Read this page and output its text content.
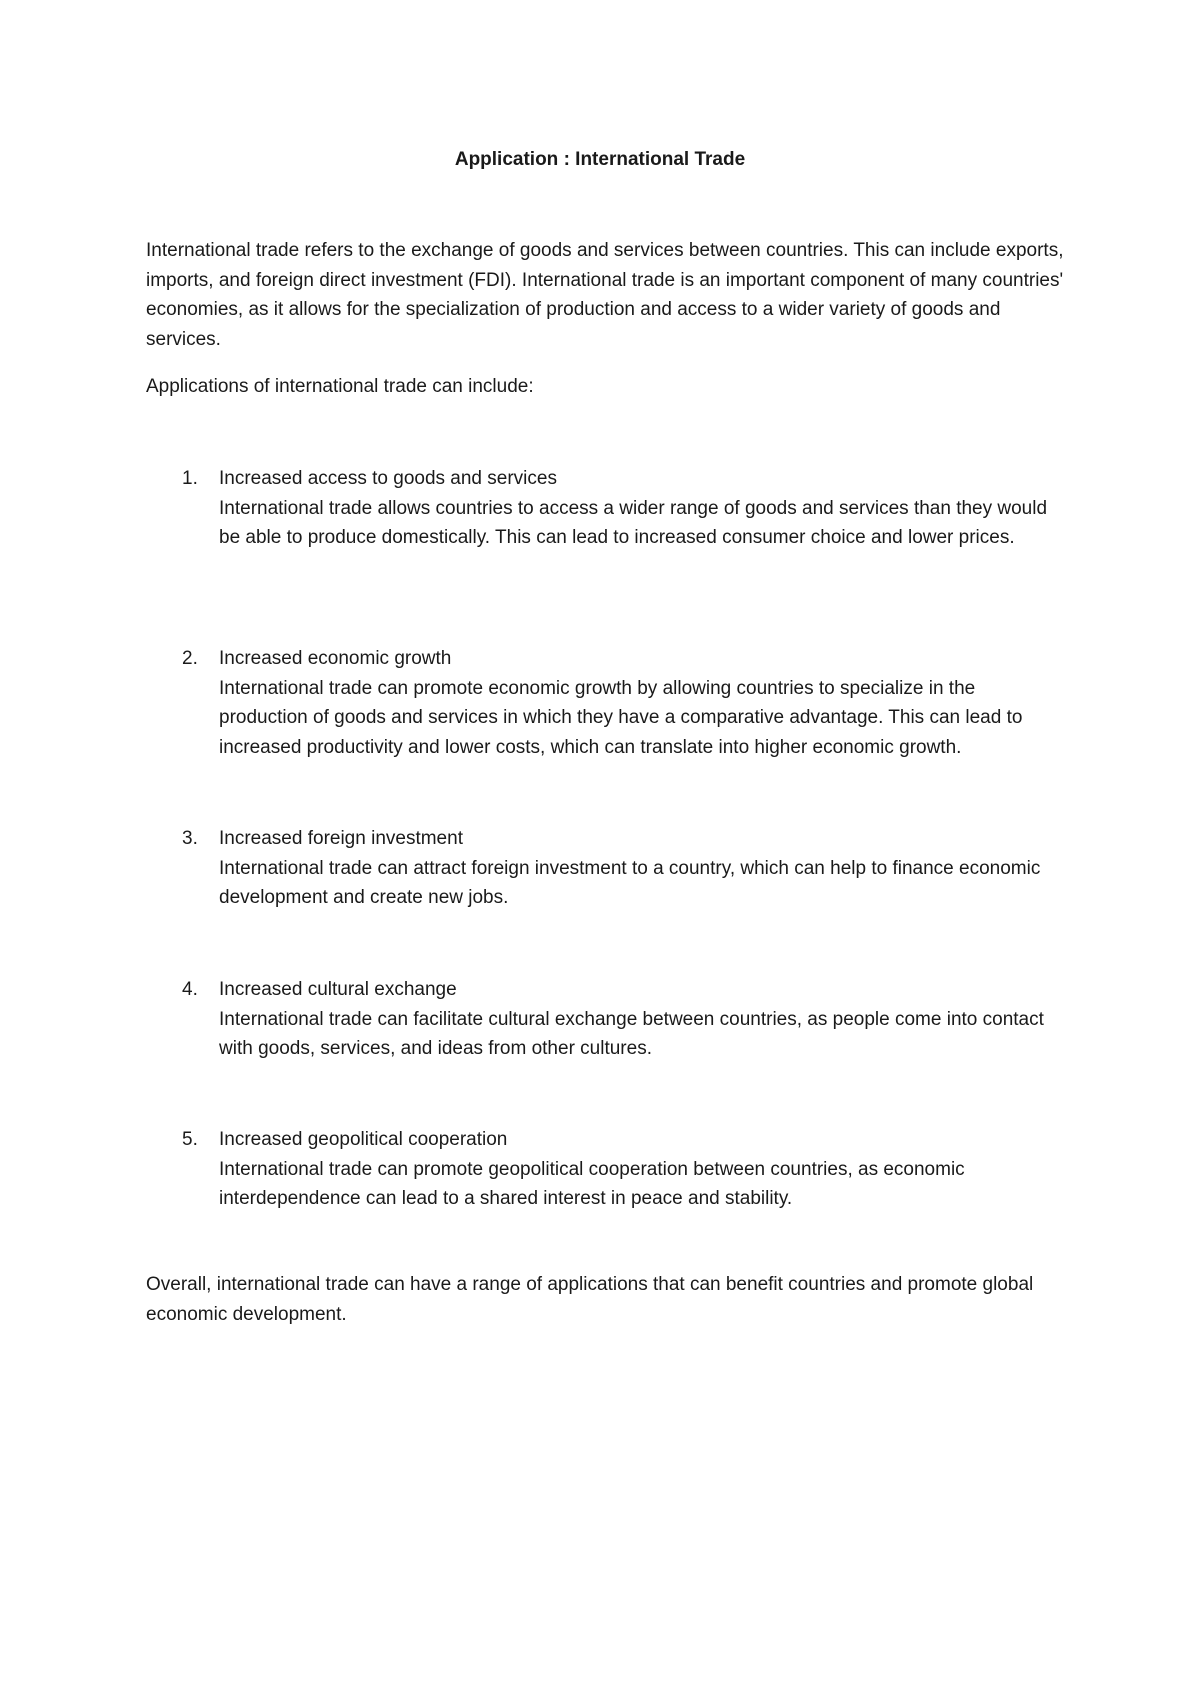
Application : International Trade

International trade refers to the exchange of goods and services between countries. This can include exports, imports, and foreign direct investment (FDI). International trade is an important component of many countries' economies, as it allows for the specialization of production and access to a wider variety of goods and services.

Applications of international trade can include:

1.	Increased access to goods and services
International trade allows countries to access a wider range of goods and services than they would be able to produce domestically. This can lead to increased consumer choice and lower prices.
2.	Increased economic growth
International trade can promote economic growth by allowing countries to specialize in the production of goods and services in which they have a comparative advantage. This can lead to increased productivity and lower costs, which can translate into higher economic growth.
3.	Increased foreign investment
International trade can attract foreign investment to a country, which can help to finance economic development and create new jobs.
4.	Increased cultural exchange
International trade can facilitate cultural exchange between countries, as people come into contact with goods, services, and ideas from other cultures.
5.	Increased geopolitical cooperation
International trade can promote geopolitical cooperation between countries, as economic interdependence can lead to a shared interest in peace and stability.

Overall, international trade can have a range of applications that can benefit countries and promote global economic development.
